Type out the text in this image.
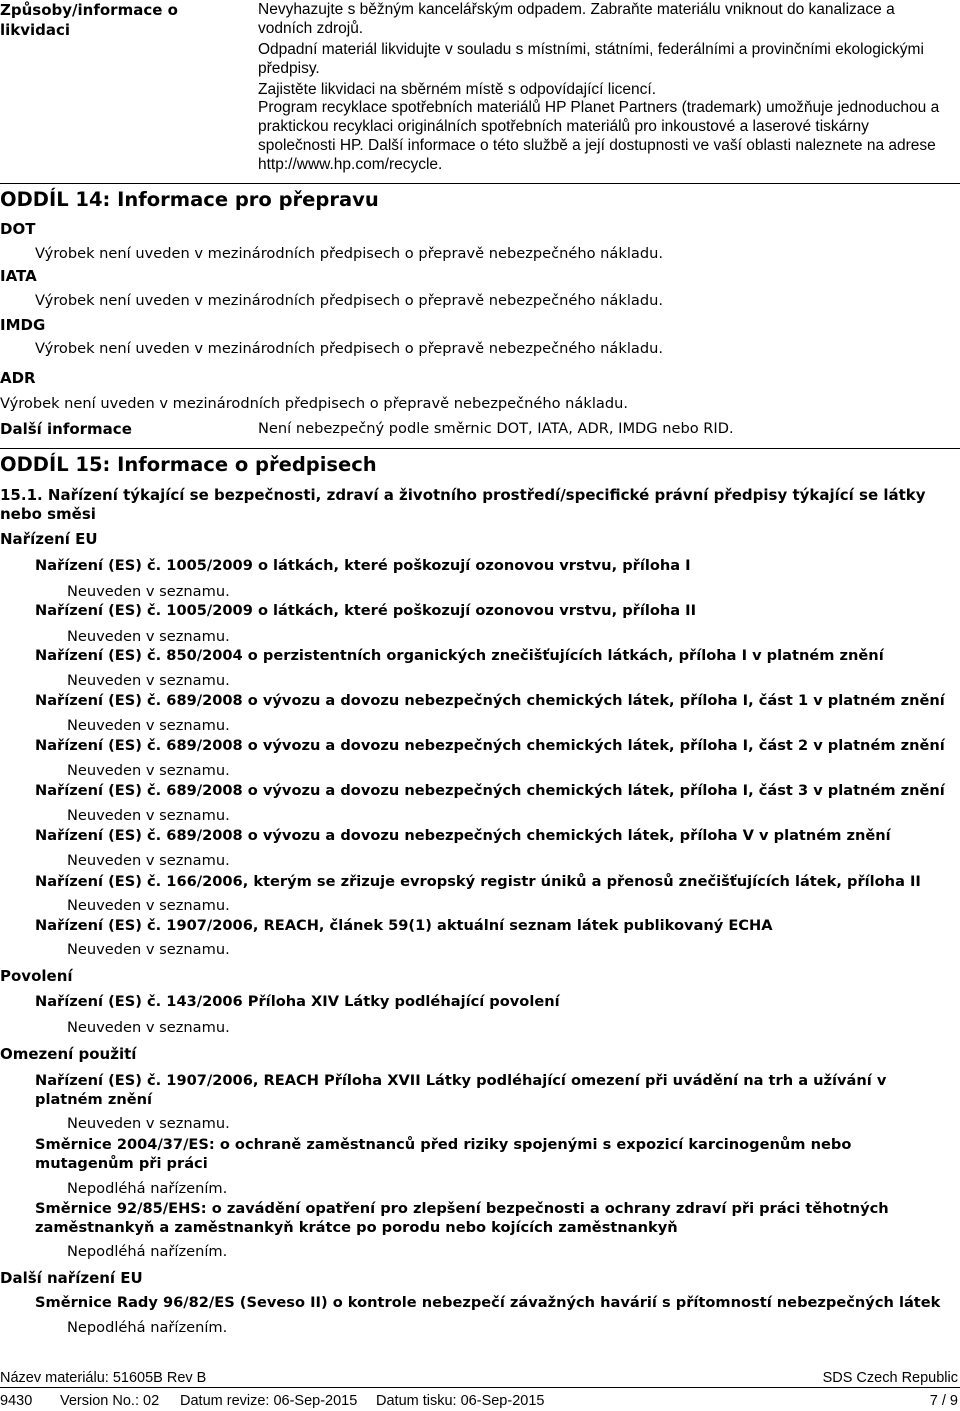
Způsoby/informace o likvidaci
Nevyhazujte s běžným kancelářským odpadem. Zabraňte materiálu vniknout do kanalizace a
vodních zdrojů.
Odpadní materiál likvidujte v souladu s místními, státními, federálními a provinčními ekologickými
předpisy.
Zajistěte likvidaci na sběrném místě s odpovídající licencí.
Program recyklace spotřebních materiálů HP Planet Partners (trademark) umožňuje jednoduchou a
praktickou recyklaci originálních spotřebních materiálů pro inkoustové a laserové tiskárny
společnosti HP. Další informace o této službě a její dostupnosti ve vaší oblasti naleznete na adrese
http://www.hp.com/recycle.
ODDÍL 14: Informace pro přepravu
DOT
Výrobek není uveden v mezinárodních předpisech o přepravě nebezpečného nákladu.
IATA
Výrobek není uveden v mezinárodních předpisech o přepravě nebezpečného nákladu.
IMDG
Výrobek není uveden v mezinárodních předpisech o přepravě nebezpečného nákladu.
ADR
Výrobek není uveden v mezinárodních předpisech o přepravě nebezpečného nákladu.
Další informace	Není nebezpečný podle směrnic DOT, IATA, ADR, IMDG nebo RID.
ODDÍL 15: Informace o předpisech
15.1. Nařízení týkající se bezpečnosti, zdraví a životního prostředí/specifické právní předpisy týkající se látky nebo směsi
Nařízení EU
Nařízení (ES) č. 1005/2009 o látkách, které poškozují ozonovou vrstvu, příloha I
Neuveden v seznamu.
Nařízení (ES) č. 1005/2009 o látkách, které poškozují ozonovou vrstvu, příloha II
Neuveden v seznamu.
Nařízení (ES) č. 850/2004 o perzistentních organických znečišťujících látkách, příloha I v platném znění
Neuveden v seznamu.
Nařízení (ES) č. 689/2008 o vývozu a dovozu nebezpečných chemických látek, příloha I, část 1 v platném znění
Neuveden v seznamu.
Nařízení (ES) č. 689/2008 o vývozu a dovozu nebezpečných chemických látek, příloha I, část 2 v platném znění
Neuveden v seznamu.
Nařízení (ES) č. 689/2008 o vývozu a dovozu nebezpečných chemických látek, příloha I, část 3 v platném znění
Neuveden v seznamu.
Nařízení (ES) č. 689/2008 o vývozu a dovozu nebezpečných chemických látek, příloha V v platném znění
Neuveden v seznamu.
Nařízení (ES) č. 166/2006, kterým se zřizuje evropský registr úniků a přenosů znečišťujících látek, příloha II
Neuveden v seznamu.
Nařízení (ES) č. 1907/2006, REACH, článek 59(1) aktuální seznam látek publikovaný ECHA
Neuveden v seznamu.
Povolení
Nařízení (ES) č. 143/2006 Příloha XIV Látky podléhající povolení
Neuveden v seznamu.
Omezení použití
Nařízení (ES) č. 1907/2006, REACH Příloha XVII Látky podléhající omezení při uvádění na trh a užívání v platném znění
Neuveden v seznamu.
Směrnice 2004/37/ES: o ochraně zaměstnanců před riziky spojenými s expozicí karcinogenům nebo mutagenům při práci
Nepodléhá nařízením.
Směrnice 92/85/EHS: o zavádění opatření pro zlepšení bezpečnosti a ochrany zdraví při práci těhotných zaměstnankyň a zaměstnankyň krátce po porodu nebo kojících zaměstnankyň
Nepodléhá nařízením.
Další nařízení EU
Směrnice Rady 96/82/ES (Seveso II) o kontrole nebezpečí závažných havárií s přítomností nebezpečných látek
Nepodléhá nařízením.
Název materiálu: 51605B Rev B	SDS Czech Republic
9430 Version No.: 02 Datum revize: 06-Sep-2015 Datum tisku: 06-Sep-2015	7 / 9
